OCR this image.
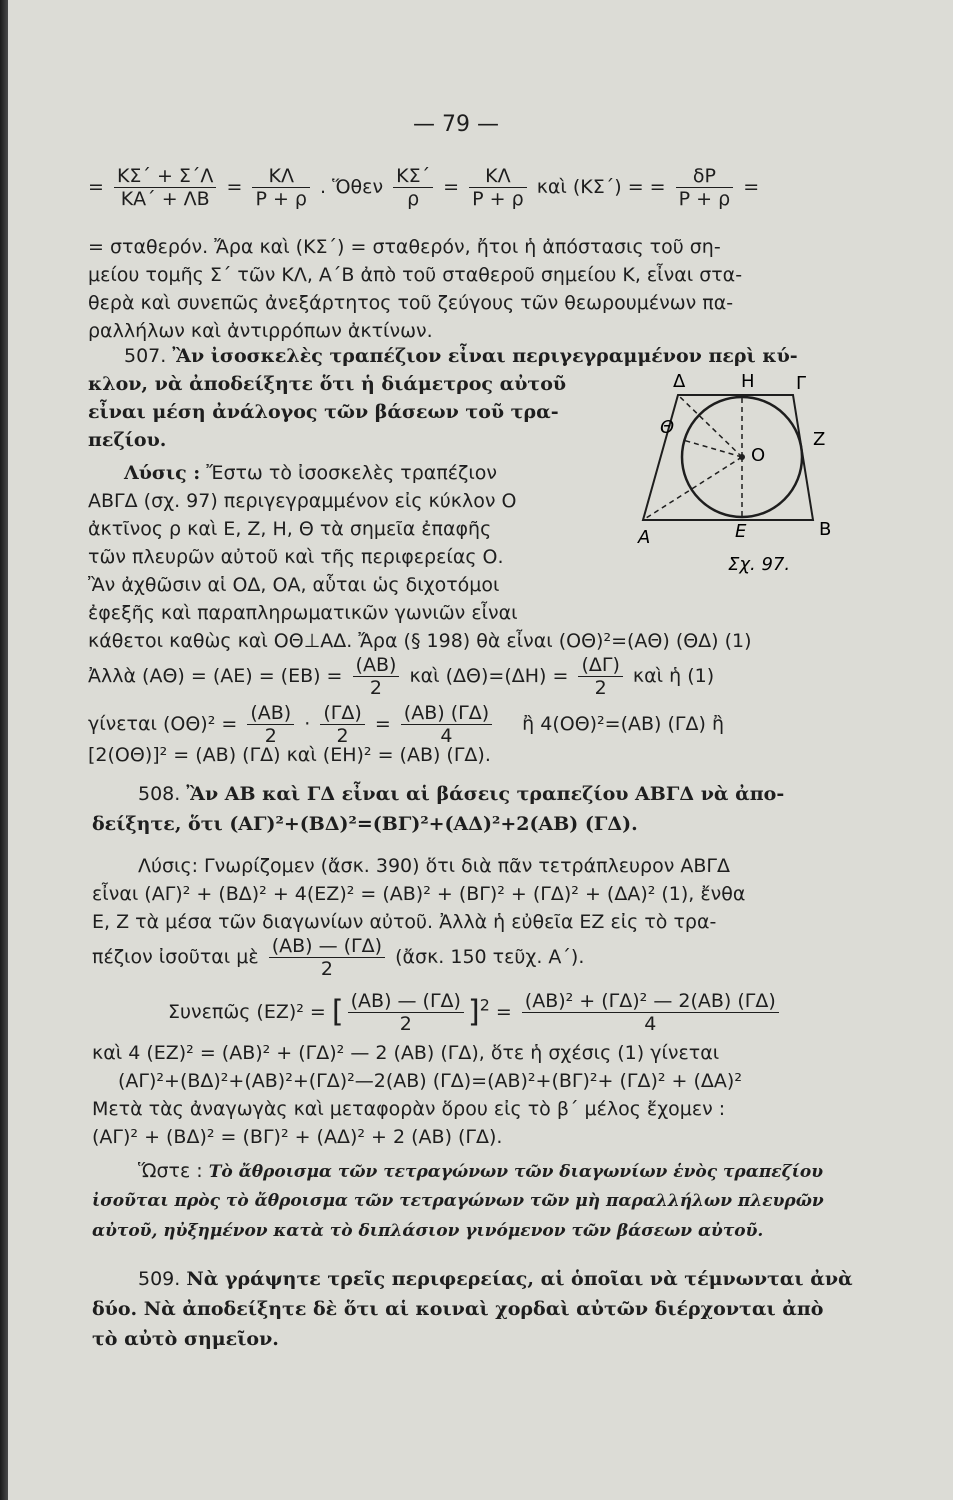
— 79 —
= $\frac{K\Sigma΄ + \Sigma΄\Lambda}{KA΄ + \Lambda B} = \frac{K\Lambda}{P + \rho}$ . Ὅθεν $\frac{K\Sigma΄}{\rho} = \frac{K\Lambda}{P + \rho}$ καὶ (ΚΣ΄) = = $\frac{\delta P}{P + \rho}$ =
= σταθερόν. Ἄρα καὶ (ΚΣ΄) = σταθερόν, ἤτοι ἡ ἀπόστασις τοῦ ση-
μείου τομῆς Σ΄ τῶν ΚΛ, Α΄Β ἀπὸ τοῦ σταθεροῦ σημείου Κ, εἶναι στα-
θερὰ καὶ συνεπῶς ἀνεξάρτητος τοῦ ζεύγους τῶν θεωρουμένων πα-
ραλλήλων καὶ ἀντιρρόπων ἀκτίνων.
507. Ἂν ἰσοσκελὲς τραπέζιον εἶναι περιγεγραμμένον περὶ κύ-
κλον, νὰ ἀποδείξητε ὅτι ἡ διάμετρος αὐτοῦ
εἶναι μέση ἀνάλογος τῶν βάσεων τοῦ τρα-
πεζίου.
Λύσις : Ἔστω τὸ ἰσοσκελὲς τραπέζιον
ΑΒΓΔ (σχ. 97) περιγεγραμμένον εἰς κύκλον Ο
ἀκτῖνος ρ καὶ Ε, Ζ, Η, Θ τὰ σημεῖα ἐπαφῆς
τῶν πλευρῶν αὐτοῦ καὶ τῆς περιφερείας Ο.
Ἂν ἀχθῶσιν αἱ ΟΔ, ΟΑ, αὗται ὡς διχοτόμοι
ἐφεξῆς καὶ παραπληρωματικῶν γωνιῶν εἶναι
κάθετοι καθὼς καὶ ΟΘ⊥ΑΔ. Ἄρα (§ 198) θὰ εἶναι (ΟΘ)²=(ΑΘ) (ΘΔ) (1)
Ἀλλὰ $(A\Theta) = (AE) = (EB) = \frac{(AB)}{2}$ καὶ $(\Delta\Theta)=(\Delta H) = \frac{(\Delta\Gamma)}{2}$ καὶ ἡ (1)
γίνεται $(O\Theta)^2 = \frac{(AB)}{2} \cdot \frac{(\Gamma\Delta)}{2} = \frac{(AB) (\Gamma\Delta)}{4}$ ἢ 4(ΟΘ)²=(ΑΒ) (ΓΔ) ἢ
[2(ΟΘ)]² = (ΑΒ) (ΓΔ) καὶ (ΕΗ)² = (ΑΒ) (ΓΔ).
Δ	Η Γ
Θ
Ζ
Ο
Α	Ε	Β
Σχ. 97.
508. Ἂν ΑΒ καὶ ΓΔ εἶναι αἱ βάσεις τραπεζίου ΑΒΓΔ νὰ ἀπο-
δείξητε, ὅτι (ΑΓ)²+(ΒΔ)²=(ΒΓ)²+(ΑΔ)²+2(ΑΒ) (ΓΔ).
Λύσις: Γνωρίζομεν (ἄσκ. 390) ὅτι διὰ πᾶν τετράπλευρον ΑΒΓΔ
εἶναι (ΑΓ)² + (ΒΔ)² + 4(ΕΖ)² = (ΑΒ)² + (ΒΓ)² + (ΓΔ)² + (ΔΑ)² (1), ἔνθα
Ε, Ζ τὰ μέσα τῶν διαγωνίων αὐτοῦ. Ἀλλὰ ἡ εὐθεῖα ΕΖ εἰς τὸ τρα-
πέζιον ἰσοῦται μὲ $\frac{(AB) — (\Gamma\Delta)}{2}$ (ἄσκ. 150 τεῦχ. Α΄).
Συνεπῶς (ΕΖ)² = [ $\frac{(AB) — (\Gamma\Delta)}{2} ]^2 = \frac{\text{(ΑΒ)² + (ΓΔ)² — 2(ΑΒ) (ΓΔ)}}{4}$
καὶ 4 (ΕΖ)² = (ΑΒ)² + (ΓΔ)² — 2 (ΑΒ) (ΓΔ), ὅτε ἡ σχέσις (1) γίνεται
(ΑΓ)²+(ΒΔ)²+(ΑΒ)²+(ΓΔ)²—2(ΑΒ) (ΓΔ)=(ΑΒ)²+(ΒΓ)²+ (ΓΔ)² + (ΔΑ)²
Μετὰ τὰς ἀναγωγὰς καὶ μεταφορὰν ὅρου εἰς τὸ β΄ μέλος ἔχομεν :
(ΑΓ)² + (ΒΔ)² = (ΒΓ)² + (ΑΔ)² + 2 (ΑΒ) (ΓΔ).
Ὥστε : Τὸ ἄθροισμα τῶν τετραγώνων τῶν διαγωνίων ἑνὸς τραπεζίου
ἰσοῦται πρὸς τὸ ἄθροισμα τῶν τετραγώνων τῶν μὴ παραλλήλων πλευρῶν
αὐτοῦ, ηὐξημένον κατὰ τὸ διπλάσιον γινόμενον τῶν βάσεων αὐτοῦ.
509. Νὰ γράψητε τρεῖς περιφερείας, αἱ ὁποῖαι νὰ τέμνωνται ἀνὰ
δύο. Νὰ ἀποδείξητε δὲ ὅτι αἱ κοιναὶ χορδαὶ αὐτῶν διέρχονται ἀπὸ
τὸ αὐτὸ σημεῖον.
